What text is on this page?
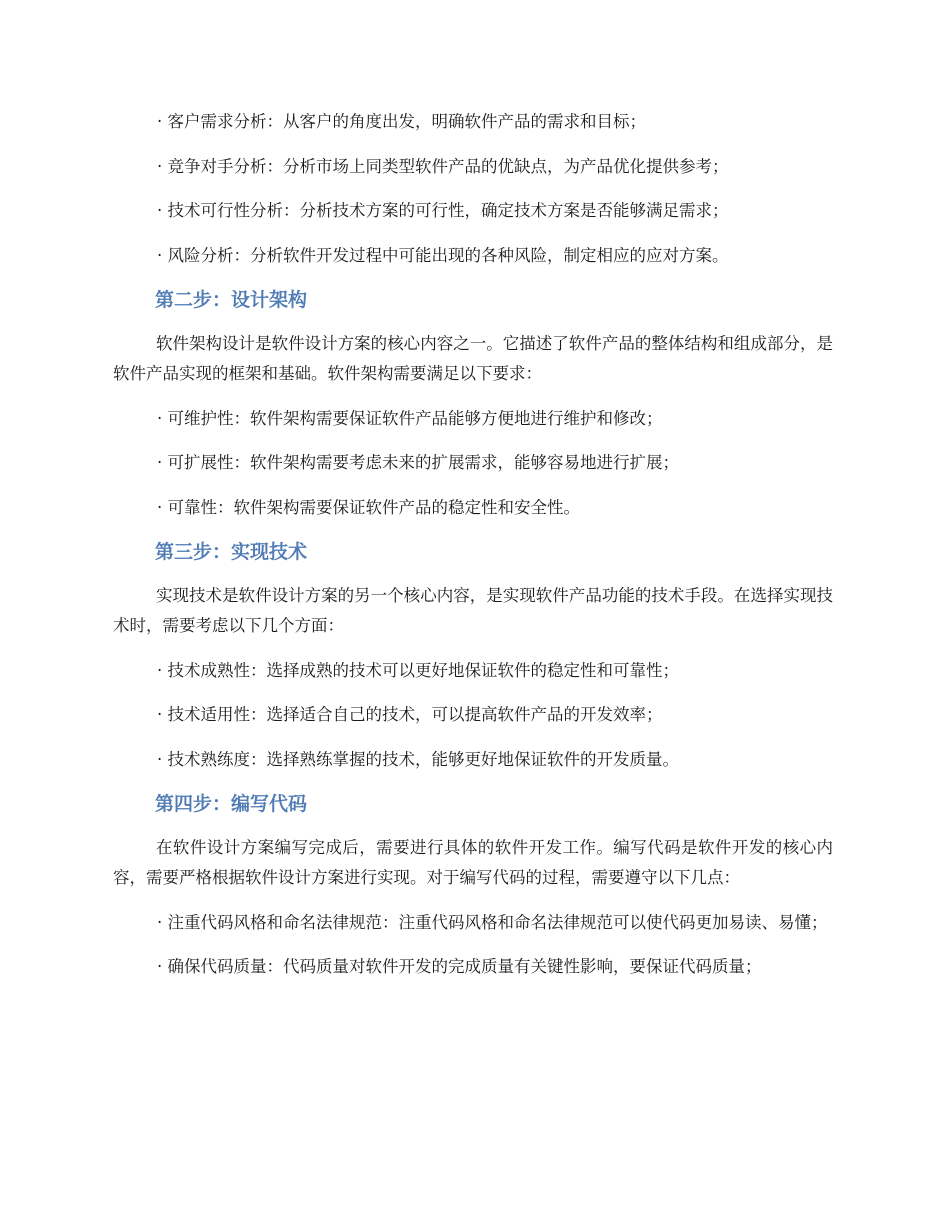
· 客户需求分析：从客户的角度出发，明确软件产品的需求和目标；

· 竞争对手分析：分析市场上同类型软件产品的优缺点，为产品优化提供参考；

· 技术可行性分析：分析技术方案的可行性，确定技术方案是否能够满足需求；

· 风险分析：分析软件开发过程中可能出现的各种风险，制定相应的应对方案。

第二步：设计架构

软件架构设计是软件设计方案的核心内容之一。它描述了软件产品的整体结构和组成部分，是软件产品实现的框架和基础。软件架构需要满足以下要求：

· 可维护性：软件架构需要保证软件产品能够方便地进行维护和修改；

· 可扩展性：软件架构需要考虑未来的扩展需求，能够容易地进行扩展；

· 可靠性：软件架构需要保证软件产品的稳定性和安全性。

第三步：实现技术

实现技术是软件设计方案的另一个核心内容，是实现软件产品功能的技术手段。在选择实现技术时，需要考虑以下几个方面：

· 技术成熟性：选择成熟的技术可以更好地保证软件的稳定性和可靠性；

· 技术适用性：选择适合自己的技术，可以提高软件产品的开发效率；

· 技术熟练度：选择熟练掌握的技术，能够更好地保证软件的开发质量。

第四步：编写代码

在软件设计方案编写完成后，需要进行具体的软件开发工作。编写代码是软件开发的核心内容，需要严格根据软件设计方案进行实现。对于编写代码的过程，需要遵守以下几点：

· 注重代码风格和命名法律规范：注重代码风格和命名法律规范可以使代码更加易读、易懂；

· 确保代码质量：代码质量对软件开发的完成质量有关键性影响，要保证代码质量；
